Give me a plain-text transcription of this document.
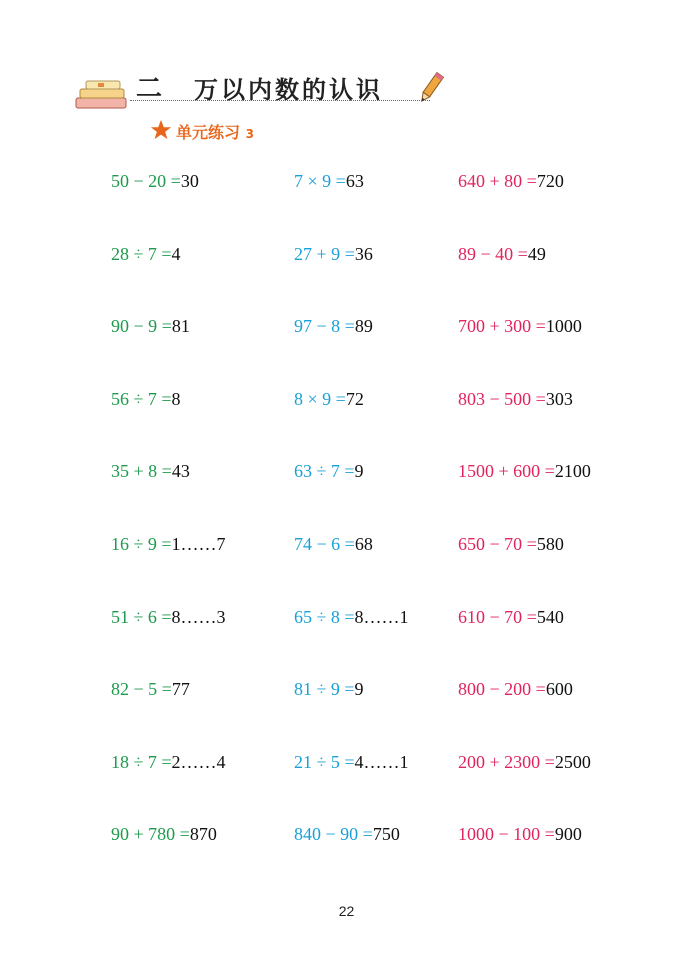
二 万以内数的认识
单元练习 3
50 − 20 =30
28 ÷ 7 =4
90 − 9 =81
56 ÷ 7 =8
35 + 8 =43
16 ÷ 9 =1……7
51 ÷ 6 =8……3
82 − 5 =77
18 ÷ 7 =2……4
90 + 780 =870
7 × 9 =63
27 + 9 =36
97 − 8 =89
8 × 9 =72
63 ÷ 7 =9
74 − 6 =68
65 ÷ 8 =8……1
81 ÷ 9 =9
21 ÷ 5 =4……1
840 − 90 =750
640 + 80 =720
89 − 40 =49
700 + 300 =1000
803 − 500 =303
1500 + 600 =2100
650 − 70 =580
610 − 70 =540
800 − 200 =600
200 + 2300 =2500
1000 − 100 =900
22
